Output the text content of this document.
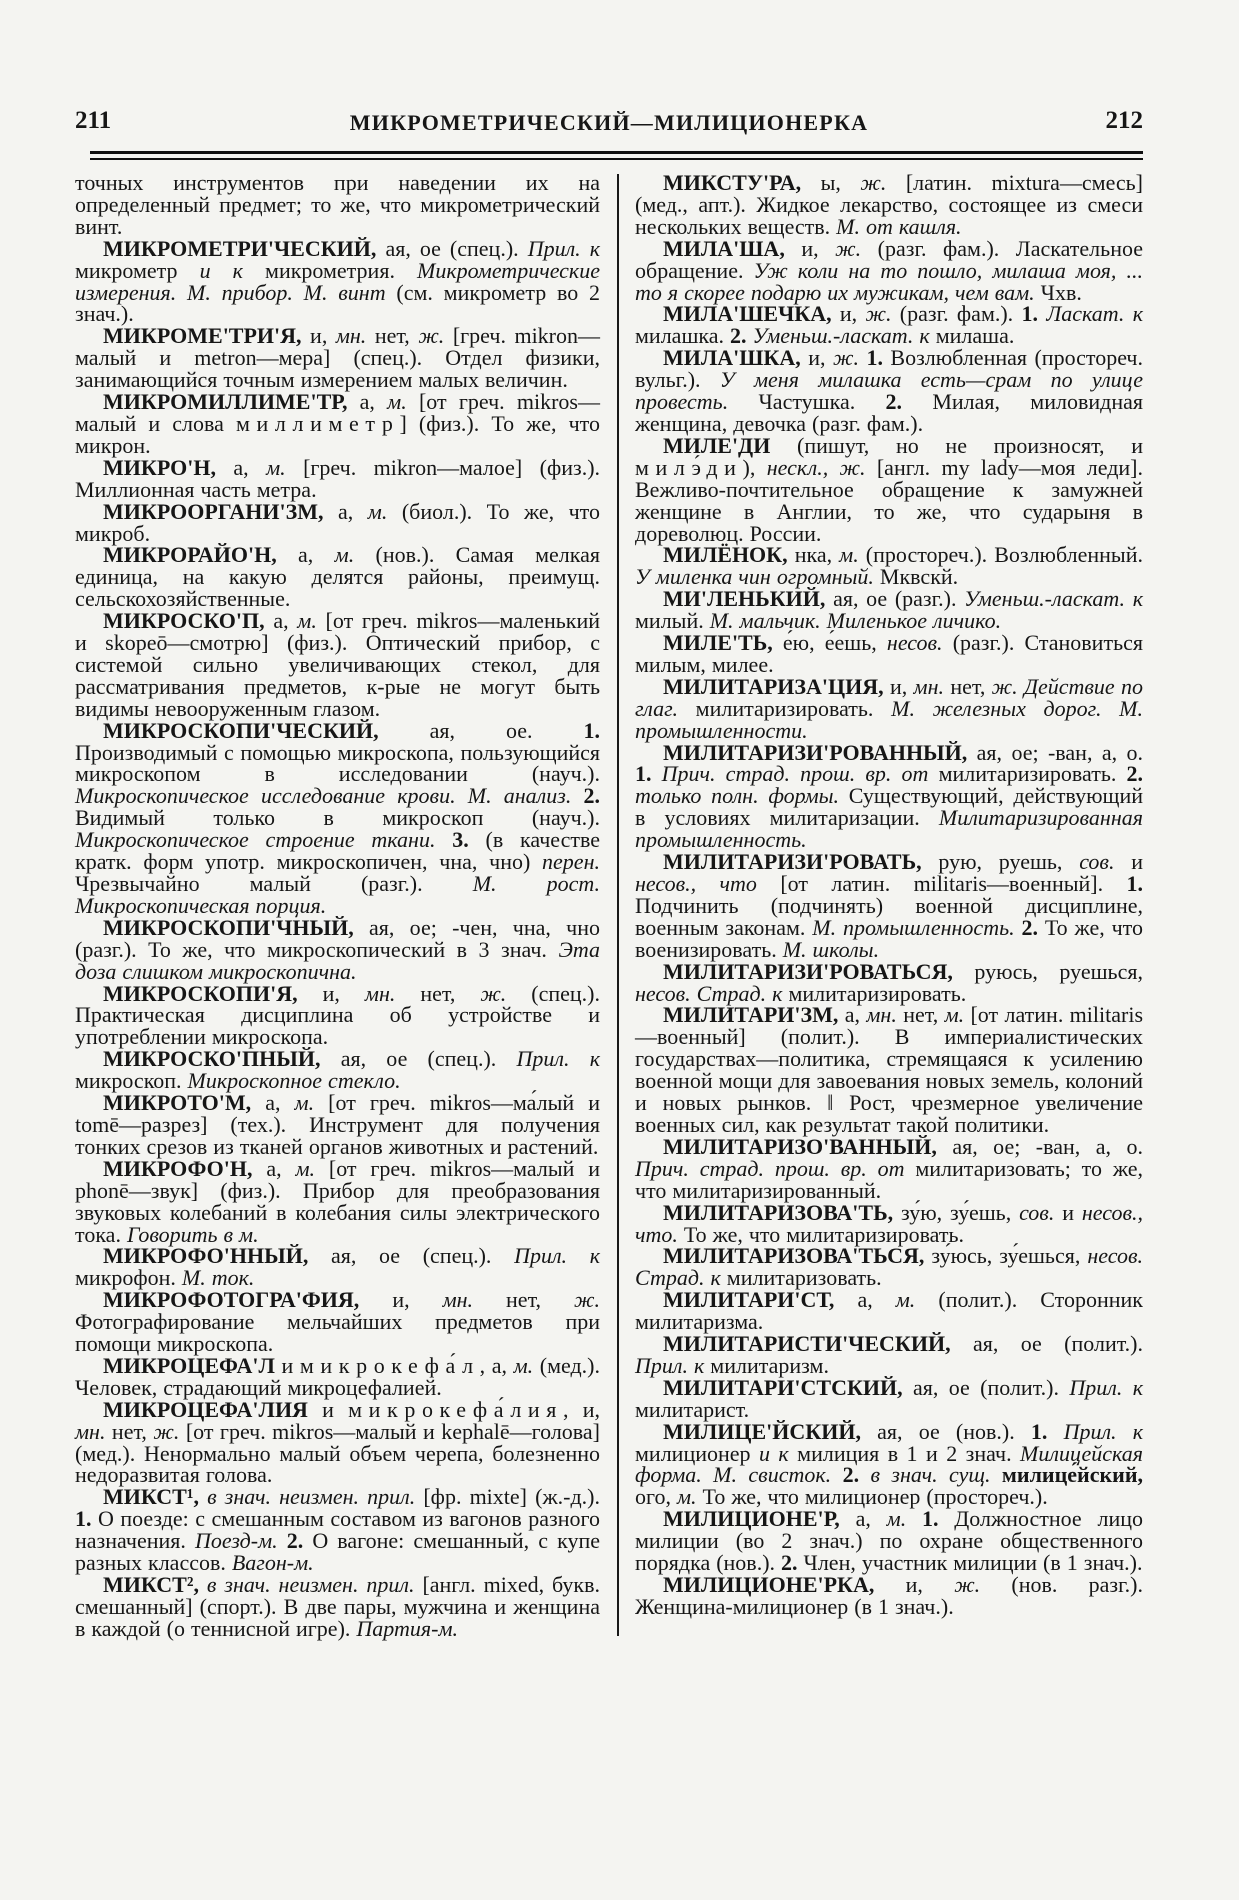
211	МИКРОМЕТРИЧЕСКИЙ—МИЛИЦИОНЕРКА	212

точных инструментов при наведении их на определенный предмет; то же, что микрометрический винт.

МИКРОМЕТРИ'ЧЕСКИЙ, ая, ое (спец.). Прил. к микрометр и к микрометрия. Микрометрические измерения. М. прибор. М. винт (см. микрометр во 2 знач.).

МИКРОМЕ'ТРИ'Я, и, мн. нет, ж. [греч. mikron—малый и metron—мера] (спец.). Отдел физики, занимающийся точным измерением малых величин.

МИКРОМИЛЛИМЕ'ТР, а, м. [от греч. mikros—малый и слова миллиметр] (физ.). То же, что микрон.

МИКРО'Н, а, м. [греч. mikron—малое] (физ.). Миллионная часть метра.

МИКРООРГАНИ'ЗМ, а, м. (биол.). То же, что микроб.

МИКРОРАЙО'Н, а, м. (нов.). Самая мелкая единица, на какую делятся районы, преимущ. сельскохозяйственные.

МИКРОСКО'П, а, м. [от греч. mikros—маленький и skopeō—смотрю] (физ.). Оптический прибор, с системой сильно увеличивающих стекол, для рассматривания предметов, к-рые не могут быть видимы невооруженным глазом.

МИКРОСКОПИ'ЧЕСКИЙ, ая, ое. 1. Производимый с помощью микроскопа, пользующийся микроскопом в исследовании (науч.). Микроскопическое исследование крови. М. анализ. 2. Видимый только в микроскоп (науч.). Микроскопическое строение ткани. 3. (в качестве кратк. форм употр. микроскопичен, чна, чно) перен. Чрезвычайно малый (разг.). М. рост. Микроскопическая порция.

МИКРОСКОПИ'ЧНЫЙ, ая, ое; -чен, чна, чно (разг.). То же, что микроскопический в 3 знач. Эта доза слишком микроскопична.

МИКРОСКОПИ'Я, и, мн. нет, ж. (спец.). Практическая дисциплина об устройстве и употреблении микроскопа.

МИКРОСКО'ПНЫЙ, ая, ое (спец.). Прил. к микроскоп. Микроскопное стекло.

МИКРОТО'М, а, м. [от греч. mikros—ма́лый и tomē—разрез] (тех.). Инструмент для получения тонких срезов из тканей органов животных и растений.

МИКРОФО'Н, а, м. [от греч. mikros—малый и phonē—звук] (физ.). Прибор для преобразования звуковых колебаний в колебания силы электрического тока. Говорить в м.

МИКРОФО'ННЫЙ, ая, ое (спец.). Прил. к микрофон. М. ток.

МИКРОФОТОГРА'ФИЯ, и, мн. нет, ж. Фотографирование мельчайших предметов при помощи микроскопа.

МИКРОЦЕФА'Л и микрокефа́л, а, м. (мед.). Человек, страдающий микроцефалией.

МИКРОЦЕФА'ЛИЯ и микрокефа́лия, и, мн. нет, ж. [от греч. mikros—малый и kephalē—голова] (мед.). Ненормально малый объем черепа, болезненно недоразвитая голова.

МИКСТ¹, в знач. неизмен. прил. [фр. mixte] (ж.-д.). 1. О поезде: с смешанным составом из вагонов разного назначения. Поезд-м. 2. О вагоне: смешанный, с купе разных классов. Вагон-м.

МИКСТ², в знач. неизмен. прил. [англ. mixed, букв. смешанный] (спорт.). В две пары, мужчина и женщина в каждой (о теннисной игре). Партия-м.

МИКСТУ'РА, ы, ж. [латин. mixtura—смесь] (мед., апт.). Жидкое лекарство, состоящее из смеси нескольких веществ. М. от кашля.

МИЛА'ША, и, ж. (разг. фам.). Ласкательное обращение. Уж коли на то пошло, милаша моя, ... то я скорее подарю их мужикам, чем вам. Чхв.

МИЛА'ШЕЧКА, и, ж. (разг. фам.). 1. Ласкат. к милашка. 2. Уменьш.-ласкат. к милаша.

МИЛА'ШКА, и, ж. 1. Возлюбленная (простореч. вульг.). У меня милашка есть—срам по улице провесть. Частушка. 2. Милая, миловидная женщина, девочка (разг. фам.).

МИЛЕ'ДИ (пишут, но не произносят, и милэ́ди), нескл., ж. [англ. my lady—моя леди]. Вежливо-почтительное обращение к замужней женщине в Англии, то же, что сударыня в дореволюц. России.

МИЛЁНОК, нка, м. (простореч.). Возлюбленный. У миленка чин огромный. Мквскй.

МИ'ЛЕНЬКИЙ, ая, ое (разг.). Уменьш.-ласкат. к милый. М. мальчик. Миленькое личико.

МИЛЕ'ТЬ, е́ю, е́ешь, несов. (разг.). Становиться милым, милее.

МИЛИТАРИЗА'ЦИЯ, и, мн. нет, ж. Действие по глаг. милитаризировать. М. железных дорог. М. промышленности.

МИЛИТАРИЗИ'РОВАННЫЙ, ая, ое; -ван, а, о. 1. Прич. страд. прош. вр. от милитаризировать. 2. только полн. формы. Существующий, действующий в условиях милитаризации. Милитаризированная промышленность.

МИЛИТАРИЗИ'РОВАТЬ, рую, руешь, сов. и несов., что [от латин. militaris—военный]. 1. Подчинить (подчинять) военной дисциплине, военным законам. М. промышленность. 2. То же, что военизировать. М. школы.

МИЛИТАРИЗИ'РОВАТЬСЯ, руюсь, руешься, несов. Страд. к милитаризировать.

МИЛИТАРИ'ЗМ, а, мн. нет, м. [от латин. militaris—военный] (полит.). В империалистических государствах—политика, стремящаяся к усилению военной мощи для завоевания новых земель, колоний и новых рынков. ‖ Рост, чрезмерное увеличение военных сил, как результат такой политики.

МИЛИТАРИЗО'ВАННЫЙ, ая, ое; -ван, а, о. Прич. страд. прош. вр. от милитаризовать; то же, что милитаризированный.

МИЛИТАРИЗОВА'ТЬ, зу́ю, зу́ешь, сов. и несов., что. То же, что милитаризировать.

МИЛИТАРИЗОВА'ТЬСЯ, зу́юсь, зу́ешься, несов. Страд. к милитаризовать.

МИЛИТАРИ'СТ, а, м. (полит.). Сторонник милитаризма.

МИЛИТАРИСТИ'ЧЕСКИЙ, ая, ое (полит.). Прил. к милитаризм.

МИЛИТАРИ'СТСКИЙ, ая, ое (полит.). Прил. к милитарист.

МИЛИЦЕ'ЙСКИЙ, ая, ое (нов.). 1. Прил. к милиционер и к милиция в 1 и 2 знач. Милицейская форма. М. свисток. 2. в знач. сущ. милице́йский, ого, м. То же, что милиционер (простореч.).

МИЛИЦИОНЕ'Р, а, м. 1. Должностное лицо милиции (во 2 знач.) по охране общественного порядка (нов.). 2. Член, участник милиции (в 1 знач.).

МИЛИЦИОНЕ'РКА, и, ж. (нов. разг.). Женщина-милиционер (в 1 знач.).
